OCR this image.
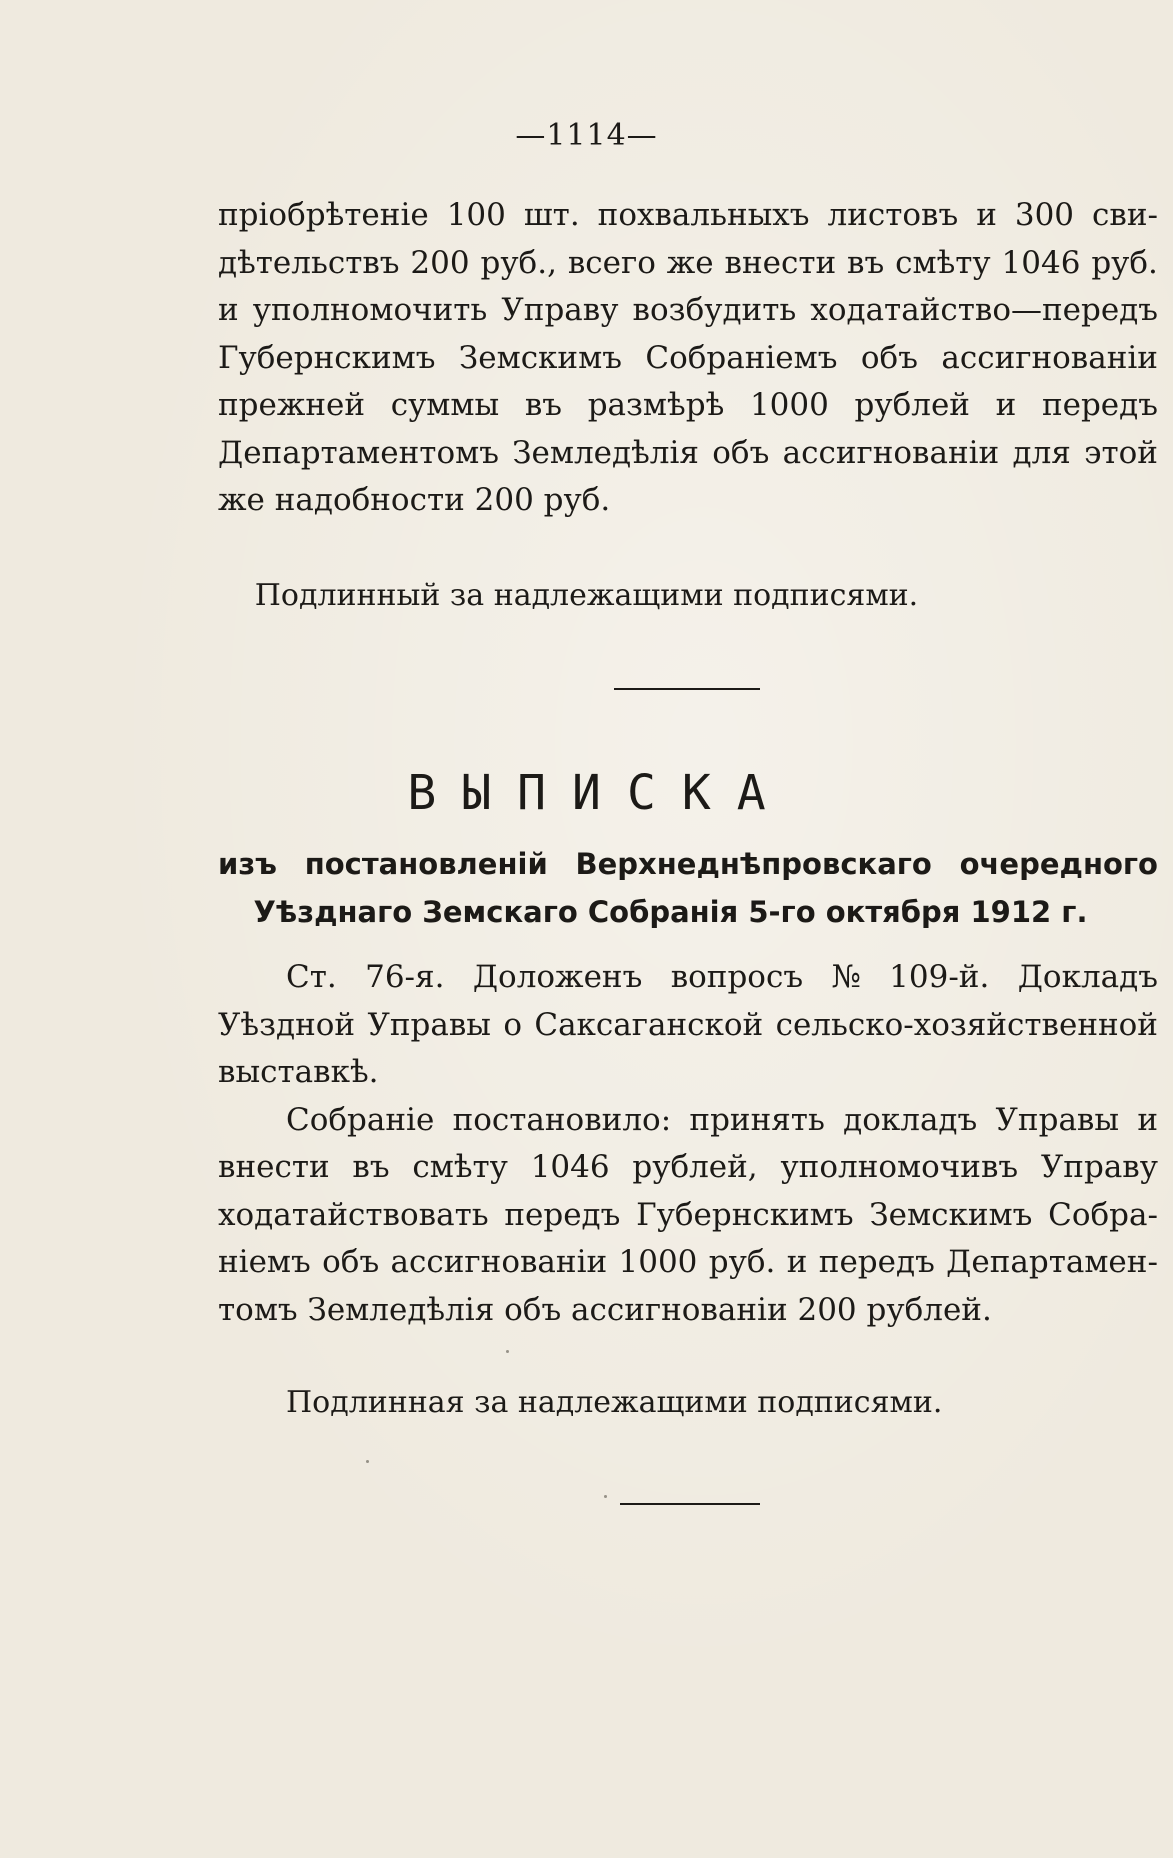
—1114—
пріобрѣтеніе 100 шт. похвальныхъ листовъ и 300 сви-
дѣтельствъ 200 руб., всего же внести въ смѣту 1046 руб.
и уполномочить Управу возбудить ходатайство—передъ
Губернскимъ Земскимъ Собраніемъ объ ассигнованіи
прежней суммы въ размѣрѣ 1000 рублей и передъ
Департаментомъ Земледѣлія объ ассигнованіи для этой
же надобности 200 руб.
Подлинный за надлежащими подписями.
ВЫПИСКА
изъ постановленій Верхнеднѣпровскаго очередного
Уѣзднаго Земскаго Собранія 5-го октября 1912 г.
Ст. 76-я. Доложенъ вопросъ № 109-й. Докладъ
Уѣздной Управы о Саксаганской сельско-хозяйственной
выставкѣ.
Собраніе постановило: принять докладъ Управы и
внести въ смѣту 1046 рублей, уполномочивъ Управу
ходатайствовать передъ Губернскимъ Земскимъ Собра-
ніемъ объ ассигнованіи 1000 руб. и передъ Департамен-
томъ Земледѣлія объ ассигнованіи 200 рублей.
Подлинная за надлежащими подписями.
